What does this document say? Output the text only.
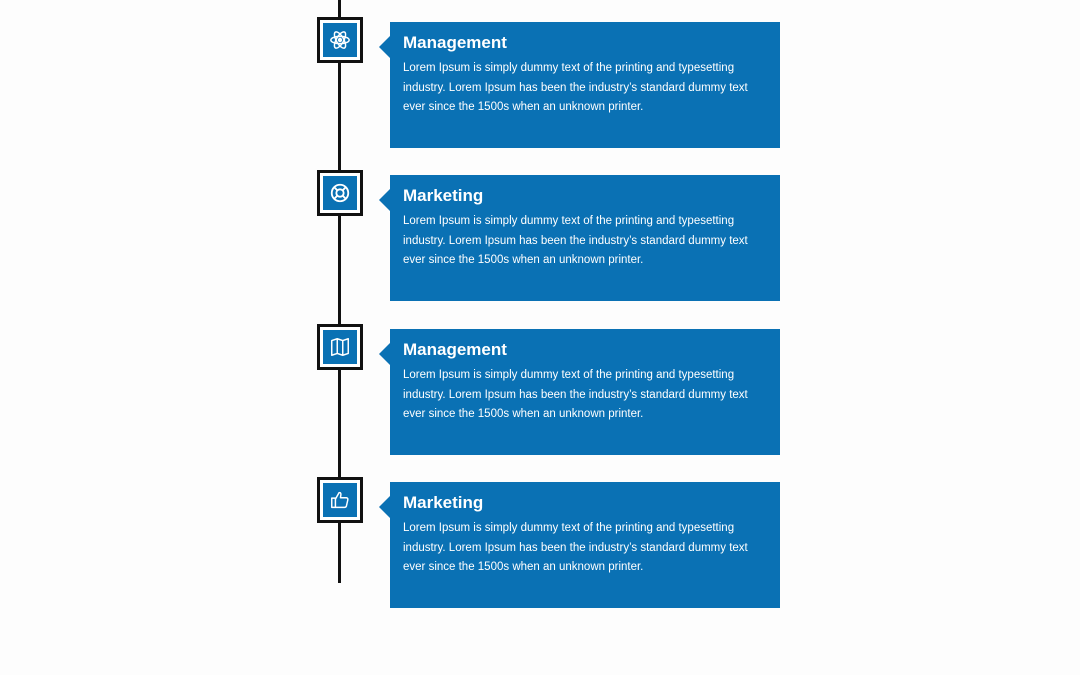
Management

Lorem Ipsum is simply dummy text of the printing and typesetting industry. Lorem Ipsum has been the industry’s standard dummy text ever since the 1500s when an unknown printer.

Marketing

Lorem Ipsum is simply dummy text of the printing and typesetting industry. Lorem Ipsum has been the industry’s standard dummy text ever since the 1500s when an unknown printer.

Management

Lorem Ipsum is simply dummy text of the printing and typesetting industry. Lorem Ipsum has been the industry’s standard dummy text ever since the 1500s when an unknown printer.

Marketing

Lorem Ipsum is simply dummy text of the printing and typesetting industry. Lorem Ipsum has been the industry’s standard dummy text ever since the 1500s when an unknown printer.
